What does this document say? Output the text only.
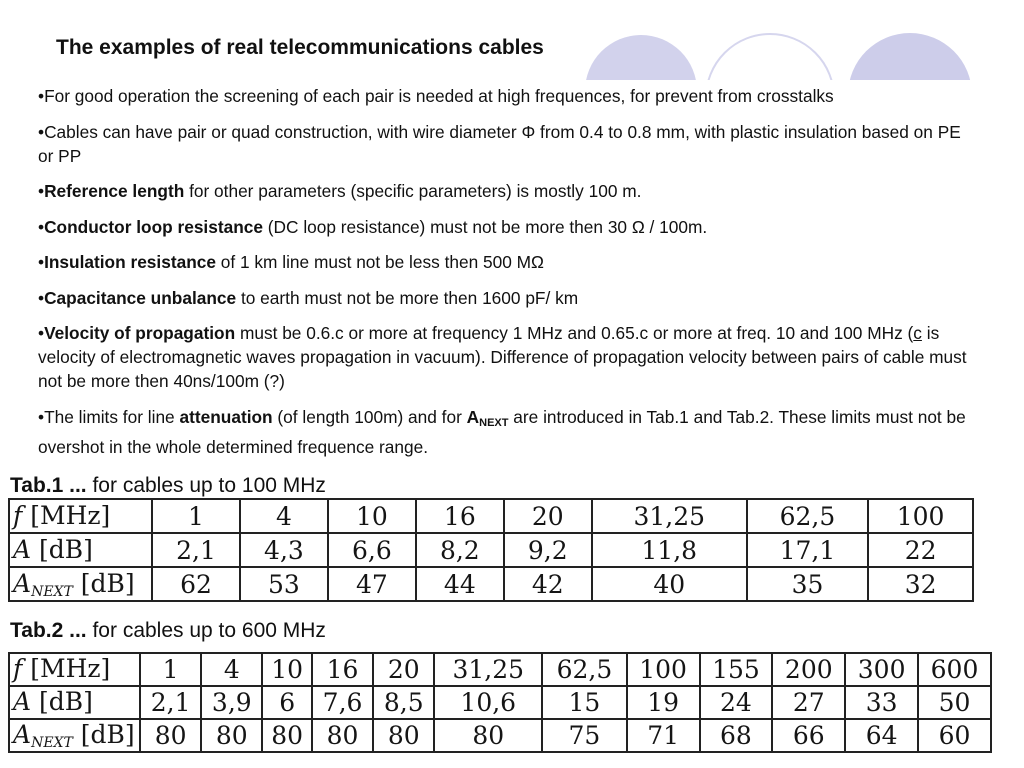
The examples of real telecommunications cables

•For good operation the screening of each pair is needed at high frequences, for prevent from crosstalks

•Cables can have pair or quad construction, with wire diameter Φ from 0.4 to 0.8 mm, with plastic insulation based on PE or PP

•Reference length for other parameters (specific parameters) is mostly 100 m.

•Conductor loop resistance (DC loop resistance) must not be more then 30 Ω / 100m.

•Insulation resistance of 1 km line must not be less then 500 MΩ

•Capacitance unbalance to earth must not be more then 1600 pF/ km

•Velocity of propagation must be 0.6.c or more at frequency 1 MHz and 0.65.c or more at freq. 10 and 100 MHz (c is velocity of electromagnetic waves propagation in vacuum). Difference of propagation velocity between pairs of cable must not be more then 40ns/100m (?)

•The limits for line attenuation (of length 100m) and for $A_{NEXT}$ are introduced in Tab.1 and Tab.2. These limits must not be overshot in the whole determined frequence range.

Tab.1 ... for cables up to 100 MHz

f [MHz]	1	4	10	16	20	31,25	62,5	100
A [dB]	2,1	4,3	6,6	8,2	9,2	11,8	17,1	22
$A_{NEXT}$ [dB]	62	53	47	44	42	40	35	32

Tab.2 ... for cables up to 600 MHz

f [MHz]	1	4	10	16	20	31,25	62,5	100	155	200	300	600
A [dB]	2,1	3,9	6	7,6	8,5	10,6	15	19	24	27	33	50
$A_{NEXT}$ [dB]	80	80	80	80	80	80	75	71	68	66	64	60
